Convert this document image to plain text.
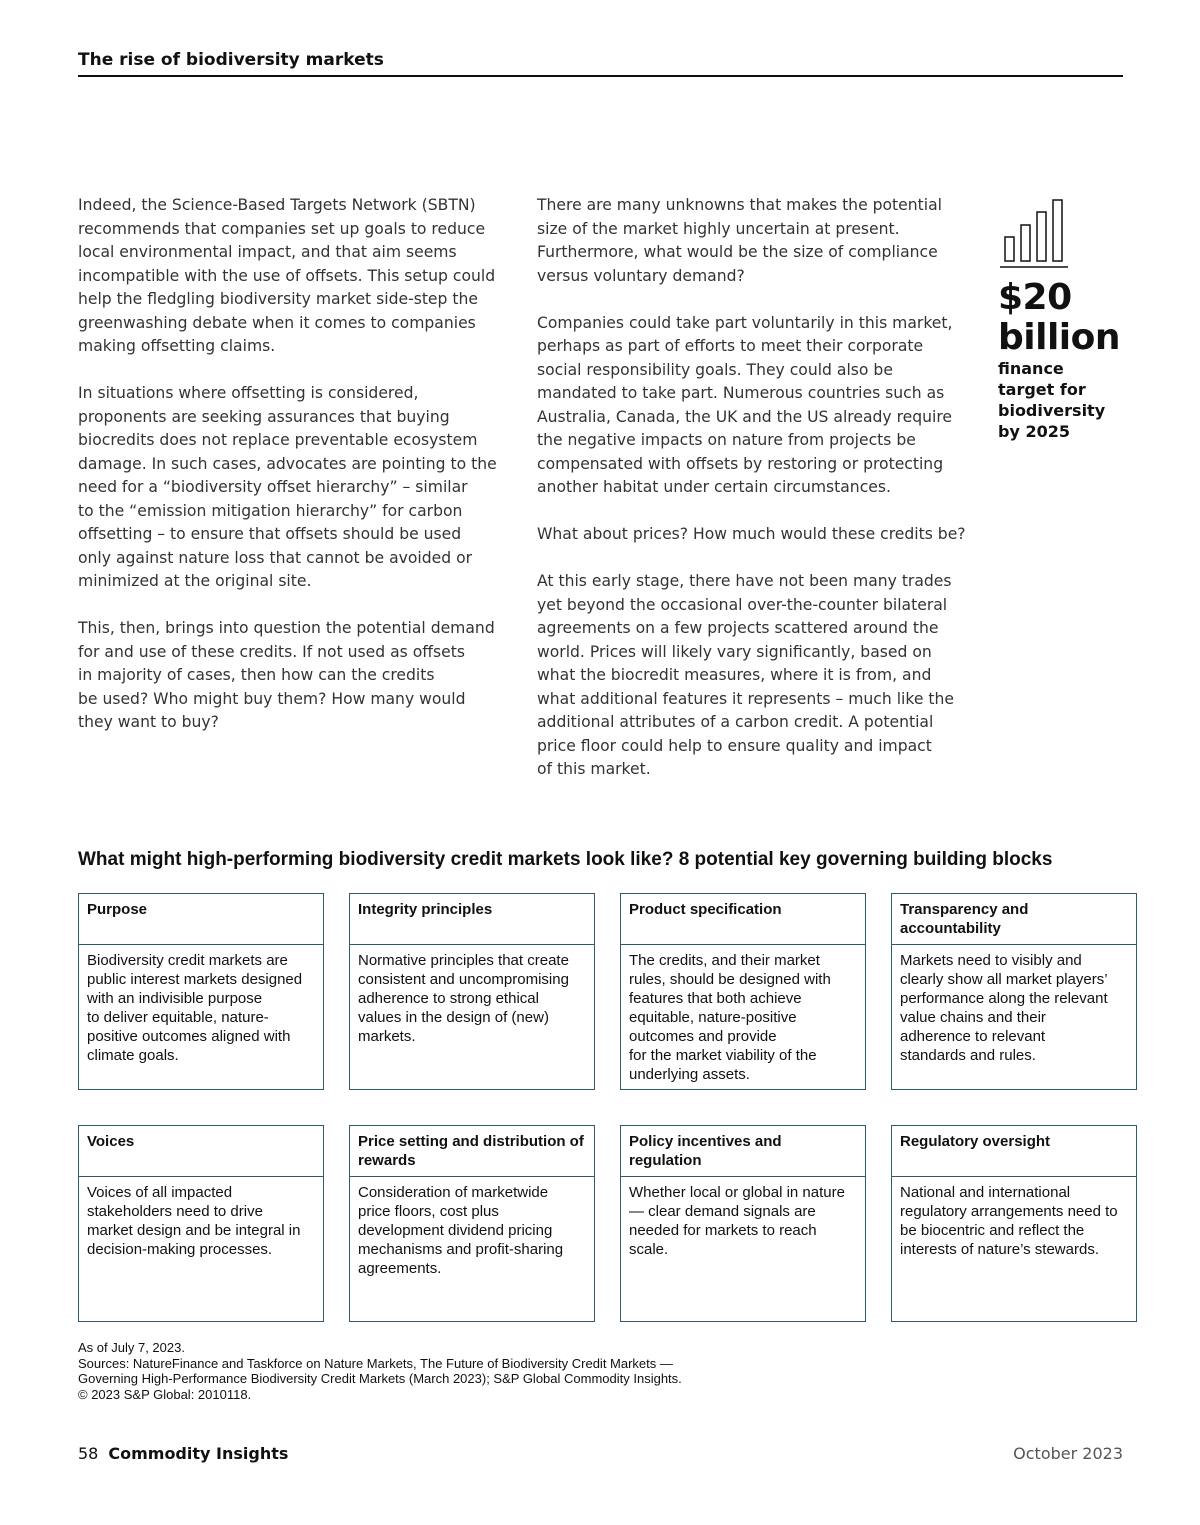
The rise of biodiversity markets

Indeed, the Science-Based Targets Network (SBTN)
recommends that companies set up goals to reduce
local environmental impact, and that aim seems
incompatible with the use of offsets. This setup could
help the fledgling biodiversity market side-step the
greenwashing debate when it comes to companies
making offsetting claims.

In situations where offsetting is considered,
proponents are seeking assurances that buying
biocredits does not replace preventable ecosystem
damage. In such cases, advocates are pointing to the
need for a “biodiversity offset hierarchy” – similar
to the “emission mitigation hierarchy” for carbon
offsetting – to ensure that offsets should be used
only against nature loss that cannot be avoided or
minimized at the original site.

This, then, brings into question the potential demand
for and use of these credits. If not used as offsets
in majority of cases, then how can the credits
be used? Who might buy them? How many would
they want to buy?

There are many unknowns that makes the potential
size of the market highly uncertain at present.
Furthermore, what would be the size of compliance
versus voluntary demand?

Companies could take part voluntarily in this market,
perhaps as part of efforts to meet their corporate
social responsibility goals. They could also be
mandated to take part. Numerous countries such as
Australia, Canada, the UK and the US already require
the negative impacts on nature from projects be
compensated with offsets by restoring or protecting
another habitat under certain circumstances.

What about prices? How much would these credits be?

At this early stage, there have not been many trades
yet beyond the occasional over-the-counter bilateral
agreements on a few projects scattered around the
world. Prices will likely vary significantly, based on
what the biocredit measures, where it is from, and
what additional features it represents – much like the
additional attributes of a carbon credit. A potential
price floor could help to ensure quality and impact
of this market.

$20
billion
finance
target for
biodiversity
by 2025
What might high-performing biodiversity credit markets look like? 8 potential key governing building blocks
Purpose
Biodiversity credit markets are
public interest markets designed
with an indivisible purpose
to deliver equitable, nature-
positive outcomes aligned with
climate goals.
Integrity principles
Normative principles that create
consistent and uncompromising
adherence to strong ethical
values in the design of (new)
markets.
Product specification
The credits, and their market
rules, should be designed with
features that both achieve
equitable, nature-positive
outcomes and provide
for the market viability of the
underlying assets.
Transparency and accountability
Markets need to visibly and
clearly show all market players’
performance along the relevant
value chains and their
adherence to relevant
standards and rules.
Voices
Voices of all impacted
stakeholders need to drive
market design and be integral in
decision-making processes.
Price setting and distribution of rewards
Consideration of marketwide
price floors, cost plus
development dividend pricing
mechanisms and profit-sharing
agreements.
Policy incentives and regulation
Whether local or global in nature
— clear demand signals are
needed for markets to reach
scale.
Regulatory oversight
National and international
regulatory arrangements need to
be biocentric and reflect the
interests of nature’s stewards.
As of July 7, 2023.
Sources: NatureFinance and Taskforce on Nature Markets, The Future of Biodiversity Credit Markets —
Governing High-Performance Biodiversity Credit Markets (March 2023); S&P Global Commodity Insights.
© 2023 S&P Global: 2010118.
58 Commodity Insights	October 2023
